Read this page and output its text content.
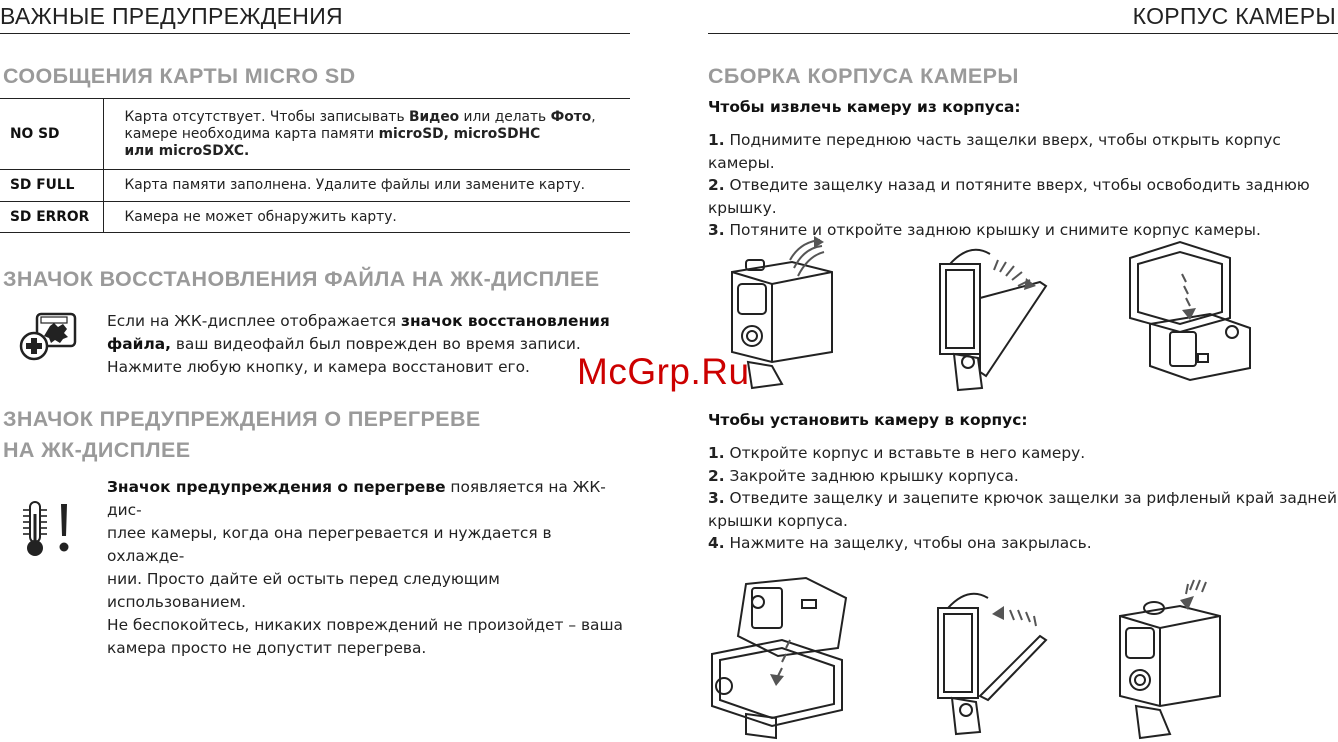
ВАЖНЫЕ ПРЕДУПРЕЖДЕНИЯ
СООБЩЕНИЯ КАРТЫ MICRO SD
NO SD	Карта отсутствует. Чтобы записывать Видео или делать Фото,
камере необходима карта памяти microSD, microSDHC
или microSDXC.
SD FULL	Карта памяти заполнена. Удалите файлы или замените карту.
SD ERROR	Камера не может обнаружить карту.
ЗНАЧОК ВОССТАНОВЛЕНИЯ ФАЙЛА НА ЖК-ДИСПЛЕЕ
Если на ЖК-дисплее отображается значок восстановления
файла, ваш видеофайл был поврежден во время записи.
Нажмите любую кнопку, и камера восстановит его.
ЗНАЧОК ПРЕДУПРЕЖДЕНИЯ О ПЕРЕГРЕВЕ
НА ЖК-ДИСПЛЕЕ
Значок предупреждения о перегреве появляется на ЖК-дис-
плее камеры, когда она перегревается и нуждается в охлажде-
нии. Просто дайте ей остыть перед следующим использованием.
Не беспокойтесь, никаких повреждений не произойдет – ваша
камера просто не допустит перегрева.
КОРПУС КАМЕРЫ
СБОРКА КОРПУСА КАМЕРЫ
Чтобы извлечь камеру из корпуса:
1. Поднимите переднюю часть защелки вверх, чтобы открыть корпус камеры.
2. Отведите защелку назад и потяните вверх, чтобы освободить заднюю
крышку.
3. Потяните и откройте заднюю крышку и снимите корпус камеры.
McGrp.Ru
Чтобы установить камеру в корпус:
1. Откройте корпус и вставьте в него камеру.
2. Закройте заднюю крышку корпуса.
3. Отведите защелку и зацепите крючок защелки за рифленый край задней
крышки корпуса.
4. Нажмите на защелку, чтобы она закрылась.
